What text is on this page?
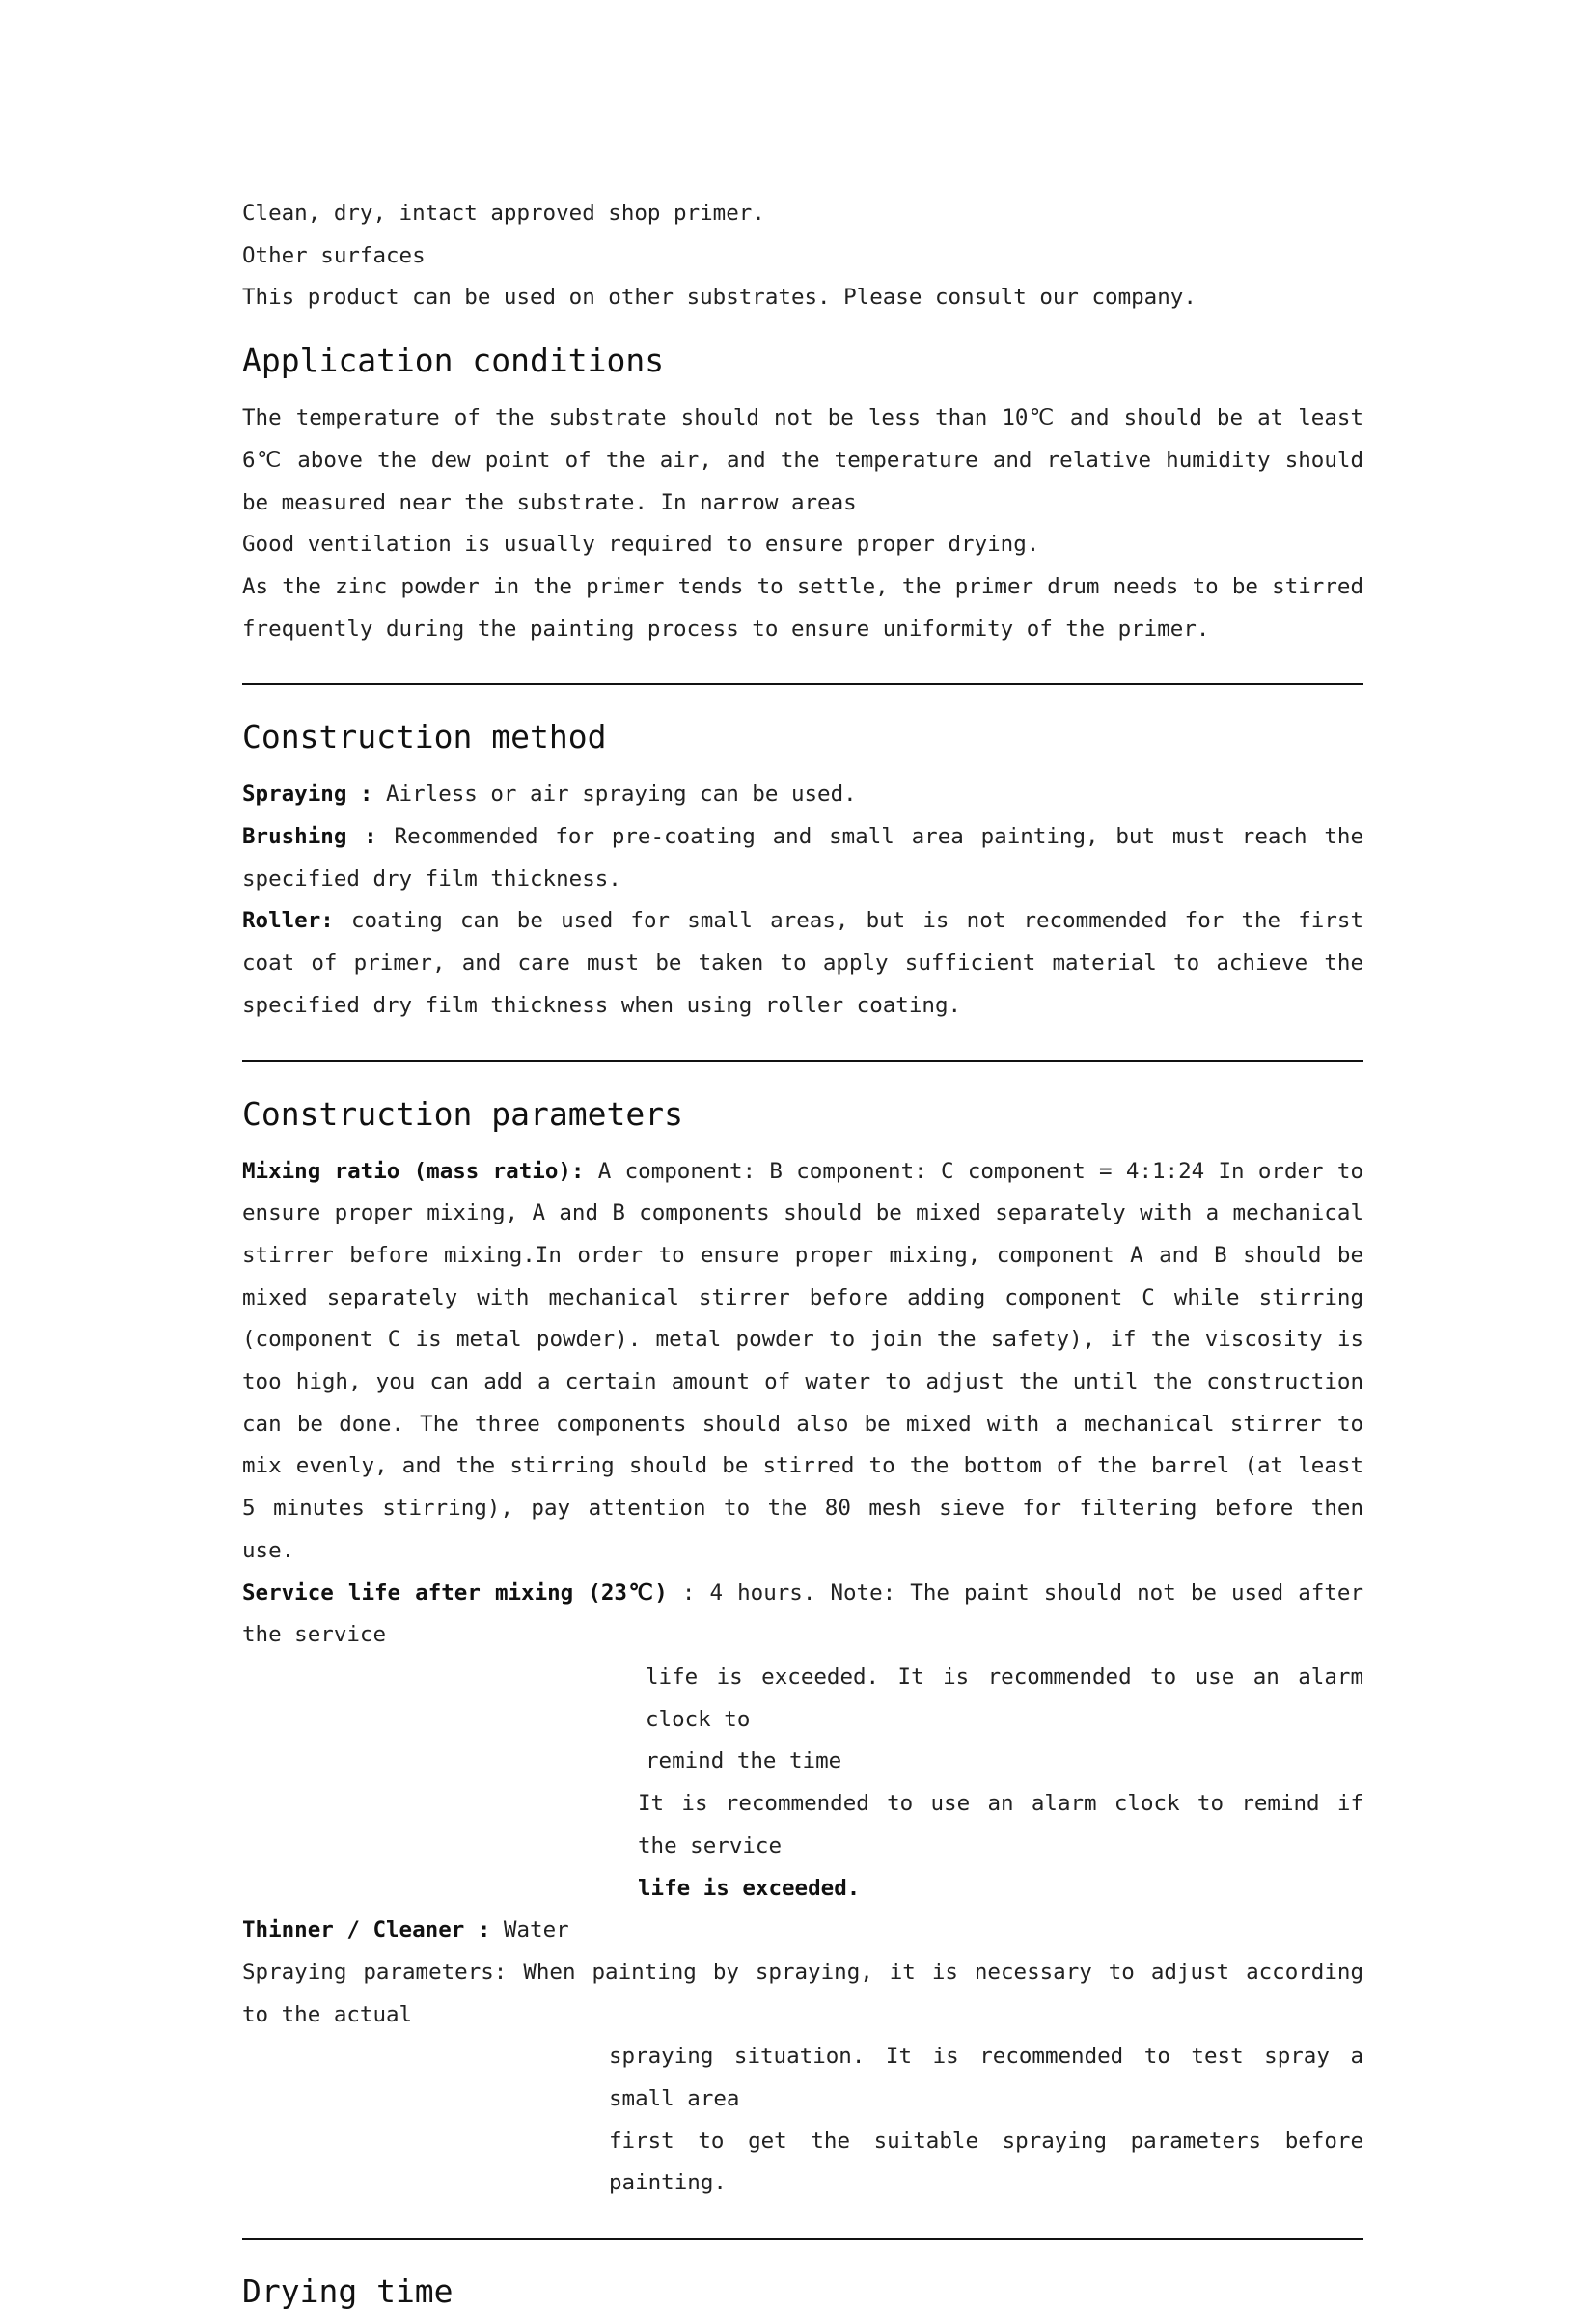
Clean, dry, intact approved shop primer.

Other surfaces

This product can be used on other substrates. Please consult our company.

Application conditions

The temperature of the substrate should not be less than 10℃ and should be at least 6℃ above the dew point of the air, and the temperature and relative humidity should be measured near the substrate. In narrow areas

Good ventilation is usually required to ensure proper drying.

As the zinc powder in the primer tends to settle, the primer drum needs to be stirred frequently during the painting process to ensure uniformity of the primer.

Construction method

Spraying : Airless or air spraying can be used.

Brushing : Recommended for pre-coating and small area painting, but must reach the specified dry film thickness.

Roller: coating can be used for small areas, but is not recommended for the first coat of primer, and care must be taken to apply sufficient material to achieve the specified dry film thickness when using roller coating.

Construction parameters

Mixing ratio (mass ratio): A component: B component: C component = 4:1:24 In order to ensure proper mixing, A and B components should be mixed separately with a mechanical stirrer before mixing.In order to ensure proper mixing, component A and B should be mixed separately with mechanical stirrer before adding component C while stirring (component C is metal powder). metal powder to join the safety), if the viscosity is too high, you can add a certain amount of water to adjust the until the construction can be done. The three components should also be mixed with a mechanical stirrer to mix evenly, and the stirring should be stirred to the bottom of the barrel (at least 5 minutes stirring), pay attention to the 80 mesh sieve for filtering before then use.

Service life after mixing (23℃) : 4 hours. Note: The paint should not be used after the service

life is exceeded. It is recommended to use an alarm clock to

remind the time

It is recommended to use an alarm clock to remind if the service

life is exceeded.

Thinner / Cleaner : Water

Spraying parameters: When painting by spraying, it is necessary to adjust according to the actual

spraying situation. It is recommended to test spray a small area

first to get the suitable spraying parameters before painting.

Drying time
